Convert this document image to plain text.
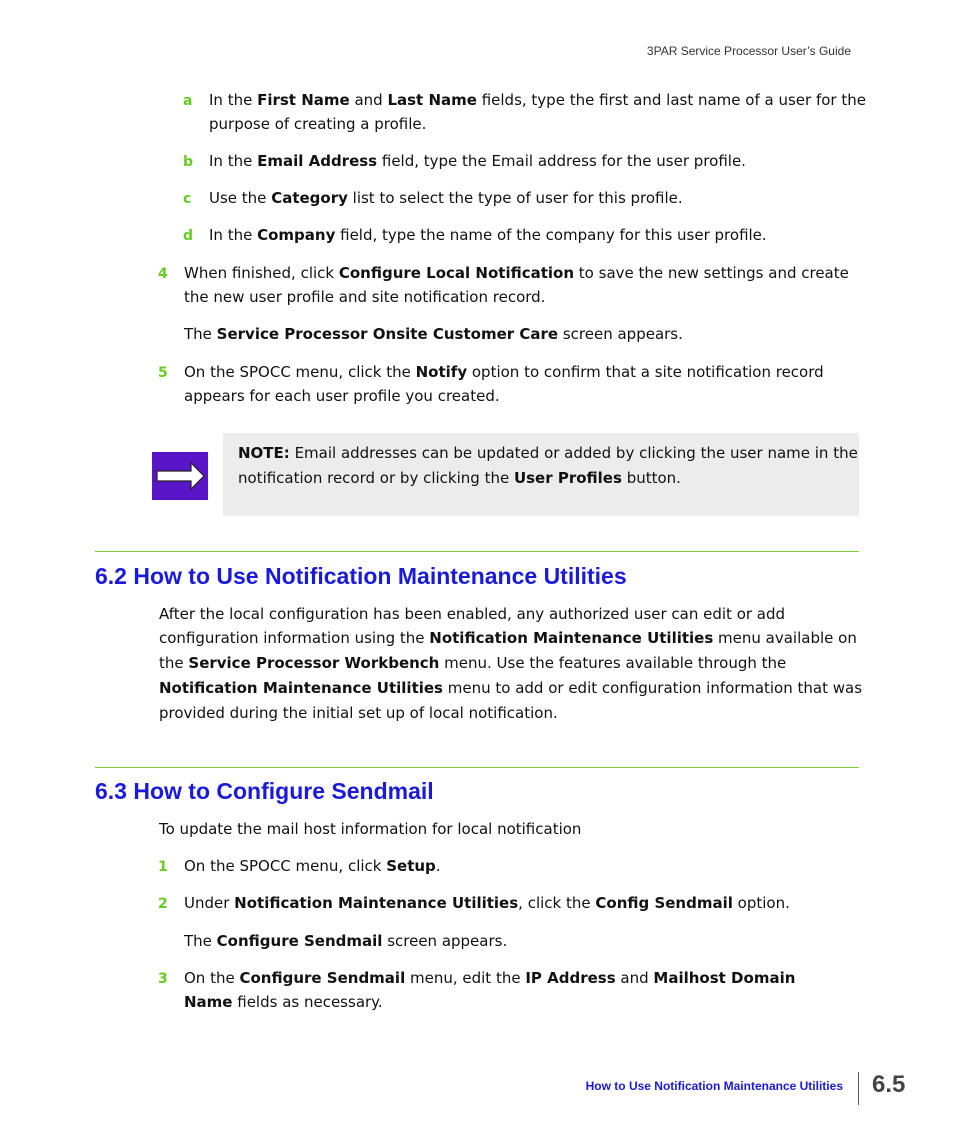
3PAR Service Processor User’s Guide
a In the First Name and Last Name fields, type the first and last name of a user for the
purpose of creating a profile.
b In the Email Address field, type the Email address for the user profile.
c Use the Category list to select the type of user for this profile.
d In the Company field, type the name of the company for this user profile.
4 When finished, click Configure Local Notification to save the new settings and create
the new user profile and site notification record.
The Service Processor Onsite Customer Care screen appears.
5 On the SPOCC menu, click the Notify option to confirm that a site notification record
appears for each user profile you created.
NOTE: Email addresses can be updated or added by clicking the user name in the
notification record or by clicking the User Profiles button.
6.2 How to Use Notification Maintenance Utilities
After the local configuration has been enabled, any authorized user can edit or add
configuration information using the Notification Maintenance Utilities menu available on
the Service Processor Workbench menu. Use the features available through the
Notification Maintenance Utilities menu to add or edit configuration information that was
provided during the initial set up of local notification.
6.3 How to Configure Sendmail
To update the mail host information for local notification
1 On the SPOCC menu, click Setup.
2 Under Notification Maintenance Utilities, click the Config Sendmail option.
The Configure Sendmail screen appears.
3 On the Configure Sendmail menu, edit the IP Address and Mailhost Domain
Name fields as necessary.
How to Use Notification Maintenance Utilities 6.5
